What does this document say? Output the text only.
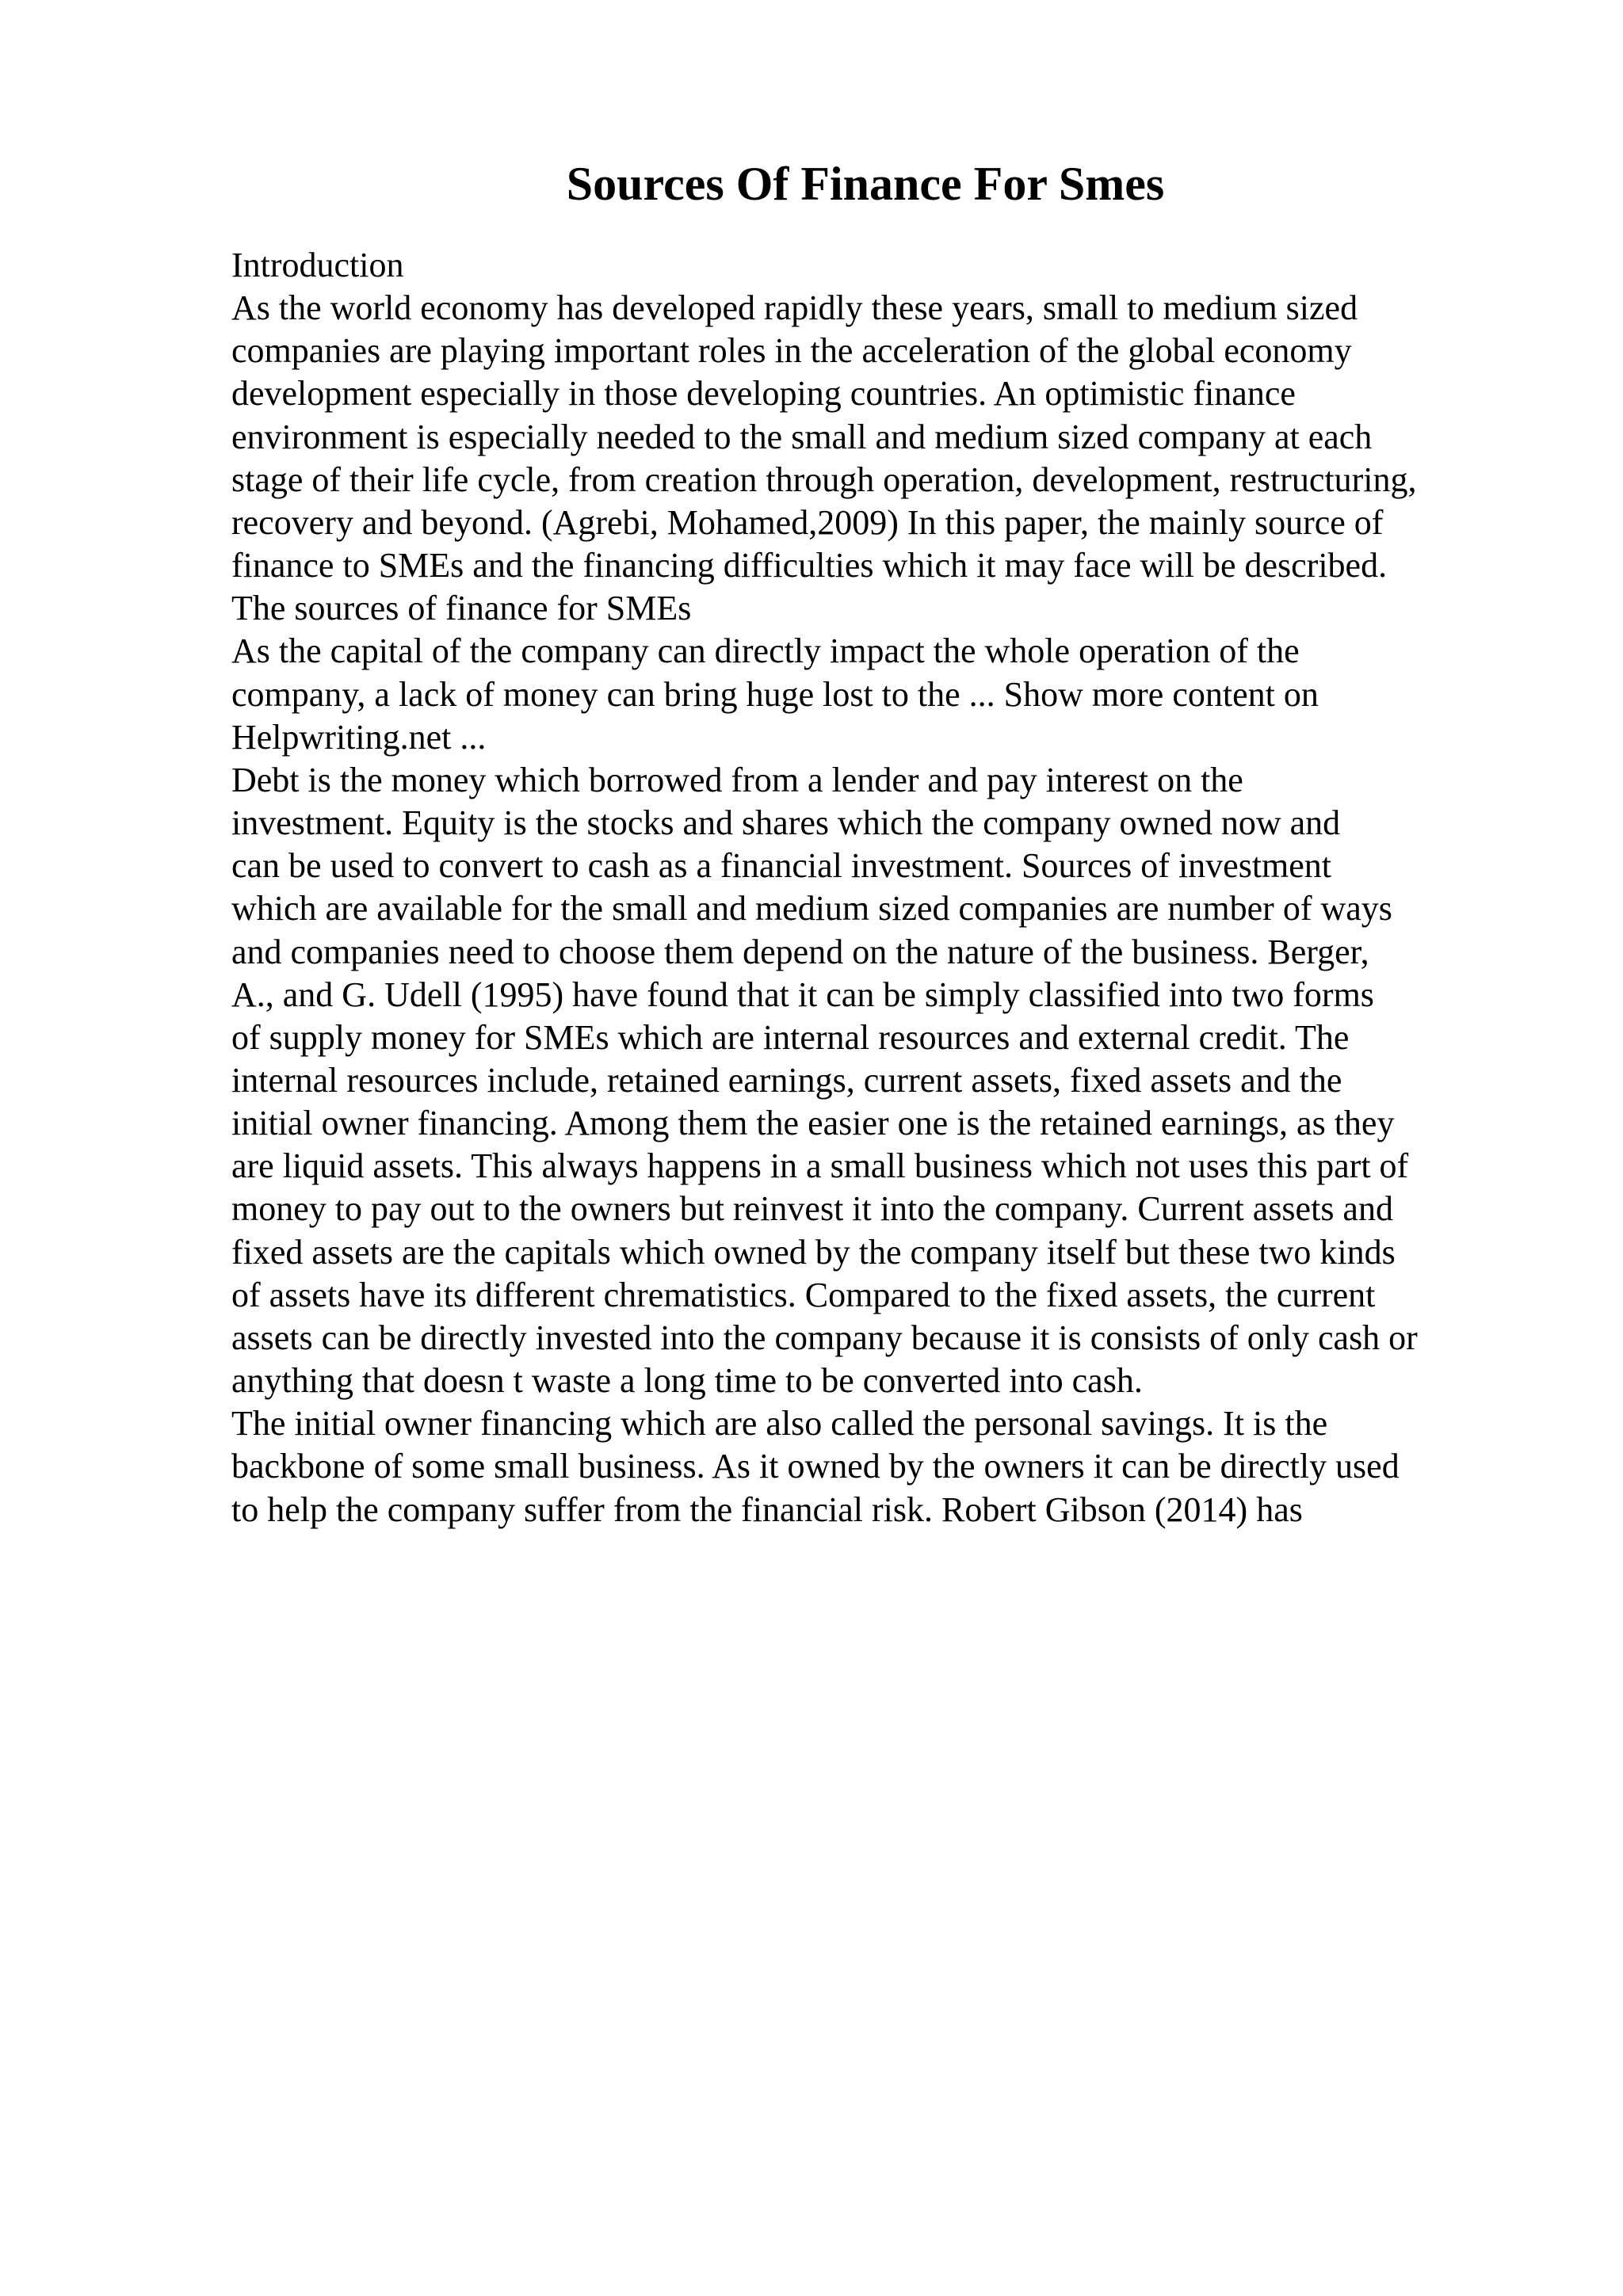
Sources Of Finance For Smes
Introduction
As the world economy has developed rapidly these years, small to medium sized
companies are playing important roles in the acceleration of the global economy
development especially in those developing countries. An optimistic finance
environment is especially needed to the small and medium sized company at each
stage of their life cycle, from creation through operation, development, restructuring,
recovery and beyond. (Agrebi, Mohamed,2009) In this paper, the mainly source of
finance to SMEs and the financing difficulties which it may face will be described.
The sources of finance for SMEs
As the capital of the company can directly impact the whole operation of the
company, a lack of money can bring huge lost to the ... Show more content on
Helpwriting.net ...
Debt is the money which borrowed from a lender and pay interest on the
investment. Equity is the stocks and shares which the company owned now and
can be used to convert to cash as a financial investment. Sources of investment
which are available for the small and medium sized companies are number of ways
and companies need to choose them depend on the nature of the business. Berger,
A., and G. Udell (1995) have found that it can be simply classified into two forms
of supply money for SMEs which are internal resources and external credit. The
internal resources include, retained earnings, current assets, fixed assets and the
initial owner financing. Among them the easier one is the retained earnings, as they
are liquid assets. This always happens in a small business which not uses this part of
money to pay out to the owners but reinvest it into the company. Current assets and
fixed assets are the capitals which owned by the company itself but these two kinds
of assets have its different chrematistics. Compared to the fixed assets, the current
assets can be directly invested into the company because it is consists of only cash or
anything that doesn t waste a long time to be converted into cash.
The initial owner financing which are also called the personal savings. It is the
backbone of some small business. As it owned by the owners it can be directly used
to help the company suffer from the financial risk. Robert Gibson (2014) has
